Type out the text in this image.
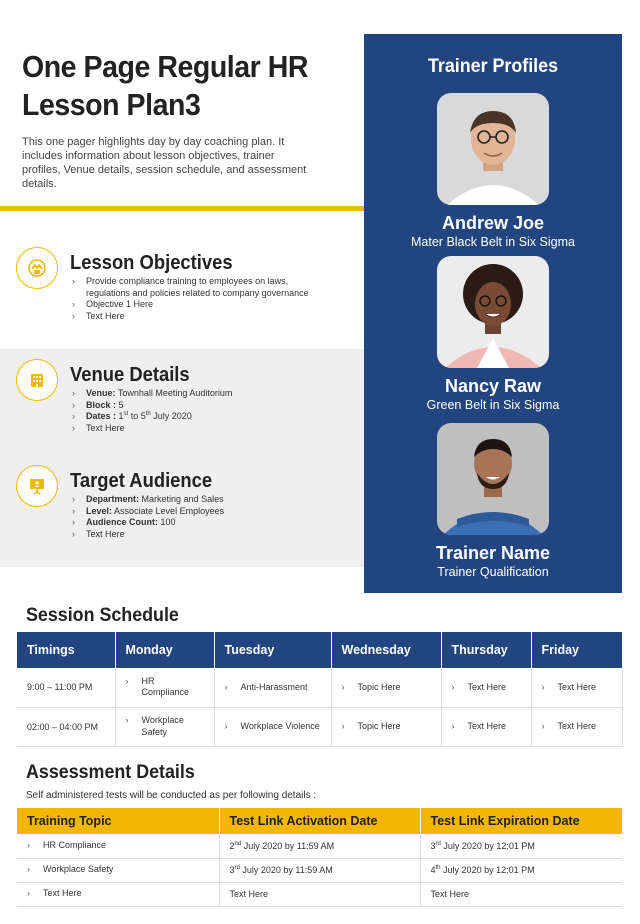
One Page Regular HR Lesson Plan3

This one pager highlights day by day coaching plan. It includes information about lesson objectives, trainer profiles, Venue details, session schedule, and assessment details.

Lesson Objectives
› Provide compliance training to employees on laws, regulations and policies related to company governance
› Objective 1 Here
› Text Here
Venue Details
› Venue: Townhall Meeting Auditorium
› Block : 5
› Dates : 1st to 5th July 2020
› Text Here
Target Audience
› Department: Marketing and Sales
› Level: Associate Level Employees
› Audience Count: 100
› Text Here
Trainer Profiles
Andrew Joe
Mater Black Belt in Six Sigma
Nancy Raw
Green Belt in Six Sigma
Trainer Name
Trainer Qualification
Session Schedule
Timings	Monday	Tuesday	Wednesday	Thursday	Friday
9:00 – 11:00 PM	› HR Compliance	› Anti-Harassment	› Topic Here	› Text Here	› Text Here

02:00 – 04:00 PM	› Workplace Safety	› Workplace Violence	› Topic Here	› Text Here	› Text Here
Assessment Details
Self administered tests will be conducted as per following details :
Training Topic	Test Link Activation Date	Test Link Expiration Date

› HR Compliance	2nd July 2020 by 11:59 AM	3rd July 2020 by 12:01 PM

› Workplace Safety	3rd July 2020 by 11:59 AM	4th July 2020 by 12:01 PM

› Text Here	Text Here	Text Here
